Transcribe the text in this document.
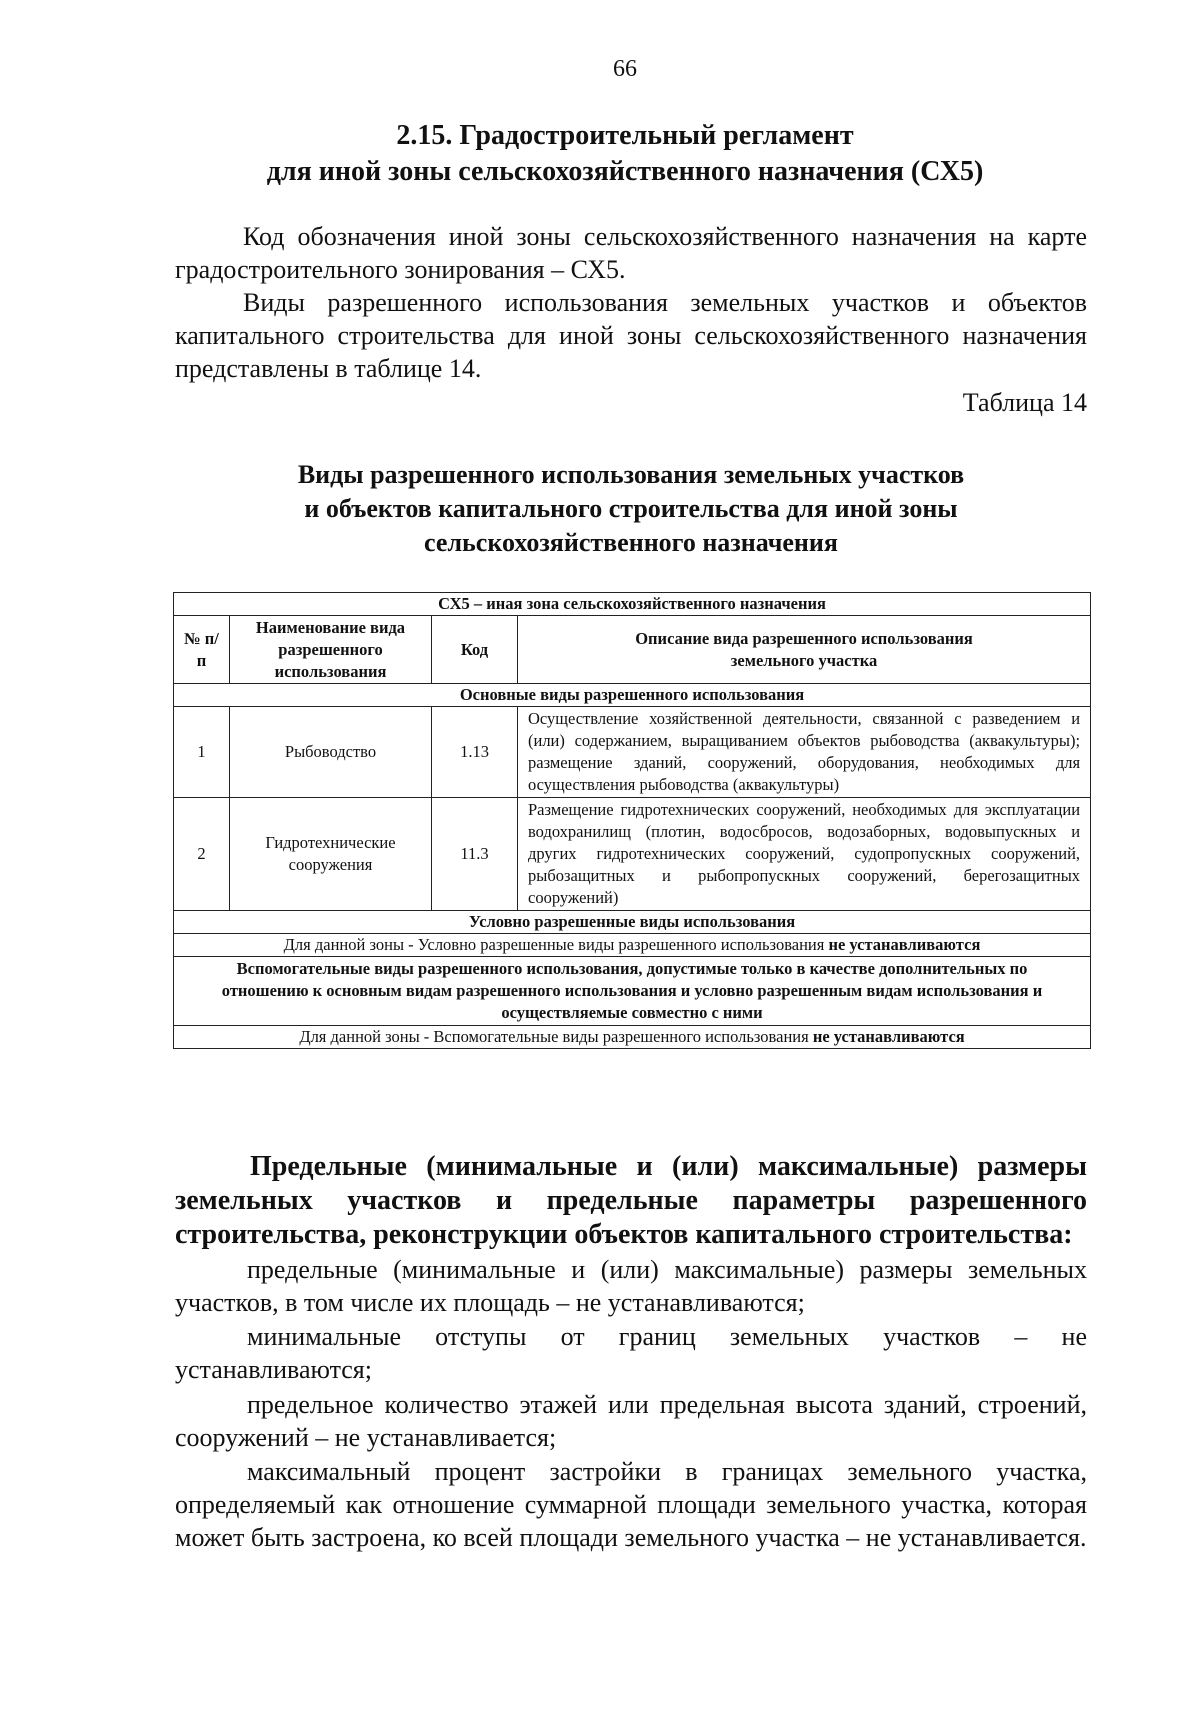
66
2.15. Градостроительный регламент
для иной зоны сельскохозяйственного назначения (СХ5)
Код обозначения иной зоны сельскохозяйственного назначения на карте градостроительного зонирования – СХ5.
Виды разрешенного использования земельных участков и объектов капитального строительства для иной зоны сельскохозяйственного назначения представлены в таблице 14.
Таблица 14
Виды разрешенного использования земельных участков
и объектов капитального строительства для иной зоны
сельскохозяйственного назначения
СХ5 – иная зона сельскохозяйственного назначения			
№ п/п	Наименование вида разрешенного использования	Код	Описание вида разрешенного использования земельного участка
Основные виды разрешенного использования			
1	Рыбоводство	1.13	Осуществление хозяйственной деятельности, связанной с разведением и (или) содержанием, выращиванием объектов рыбоводства (аквакультуры); размещение зданий, сооружений, оборудования, необходимых для осуществления рыбоводства (аквакультуры)
2	Гидротехнические сооружения	11.3	Размещение гидротехнических сооружений, необходимых для эксплуатации водохранилищ (плотин, водосбросов, водозаборных, водовыпускных и других гидротехнических сооружений, судопропускных сооружений, рыбозащитных и рыбопропускных сооружений, берегозащитных сооружений)
Условно разрешенные виды использования			
Для данной зоны - Условно разрешенные виды разрешенного использования не устанавливаются			
Вспомогательные виды разрешенного использования, допустимые только в качестве дополнительных по отношению к основным видам разрешенного использования и условно разрешенным видам использования и осуществляемые совместно с ними			
Для данной зоны - Вспомогательные виды разрешенного использования не устанавливаются			
Предельные (минимальные и (или) максимальные) размеры земельных участков и предельные параметры разрешенного строительства, реконструкции объектов капитального строительства:
предельные (минимальные и (или) максимальные) размеры земельных участков, в том числе их площадь – не устанавливаются;
минимальные отступы от границ земельных участков – не устанавливаются;
предельное количество этажей или предельная высота зданий, строений, сооружений – не устанавливается;
максимальный процент застройки в границах земельного участка, определяемый как отношение суммарной площади земельного участка, которая может быть застроена, ко всей площади земельного участка – не устанавливается.
